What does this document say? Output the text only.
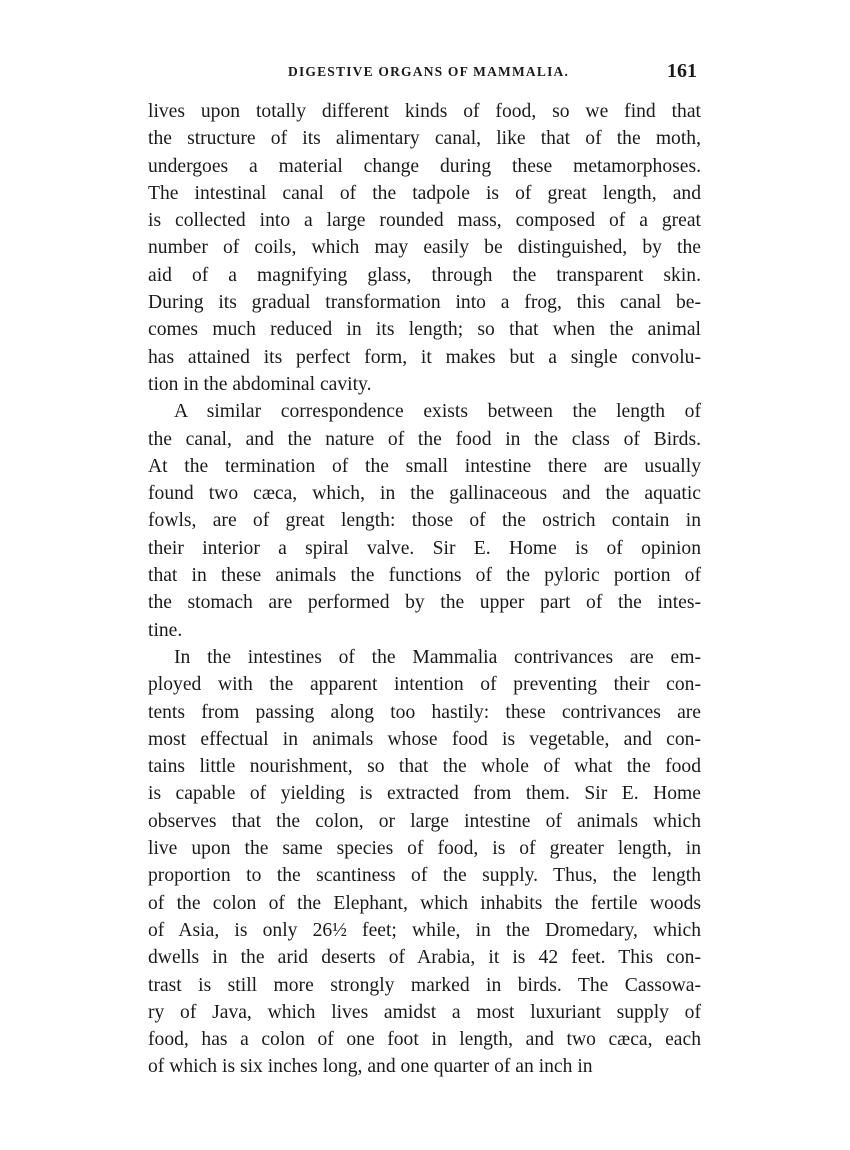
DIGESTIVE ORGANS OF MAMMALIA.	161
lives upon totally different kinds of food, so we find that
the structure of its alimentary canal, like that of the moth,
undergoes a material change during these metamorphoses.
The intestinal canal of the tadpole is of great length, and
is collected into a large rounded mass, composed of a great
number of coils, which may easily be distinguished, by the
aid of a magnifying glass, through the transparent skin.
During its gradual transformation into a frog, this canal be-
comes much reduced in its length; so that when the animal
has attained its perfect form, it makes but a single convolu-
tion in the abdominal cavity.
A similar correspondence exists between the length of
the canal, and the nature of the food in the class of Birds.
At the termination of the small intestine there are usually
found two cæca, which, in the gallinaceous and the aquatic
fowls, are of great length: those of the ostrich contain in
their interior a spiral valve. Sir E. Home is of opinion
that in these animals the functions of the pyloric portion of
the stomach are performed by the upper part of the intes-
tine.
In the intestines of the Mammalia contrivances are em-
ployed with the apparent intention of preventing their con-
tents from passing along too hastily: these contrivances are
most effectual in animals whose food is vegetable, and con-
tains little nourishment, so that the whole of what the food
is capable of yielding is extracted from them. Sir E. Home
observes that the colon, or large intestine of animals which
live upon the same species of food, is of greater length, in
proportion to the scantiness of the supply. Thus, the length
of the colon of the Elephant, which inhabits the fertile woods
of Asia, is only 26½ feet; while, in the Dromedary, which
dwells in the arid deserts of Arabia, it is 42 feet. This con-
trast is still more strongly marked in birds. The Cassowa-
ry of Java, which lives amidst a most luxuriant supply of
food, has a colon of one foot in length, and two cæca, each
of which is six inches long, and one quarter of an inch in
